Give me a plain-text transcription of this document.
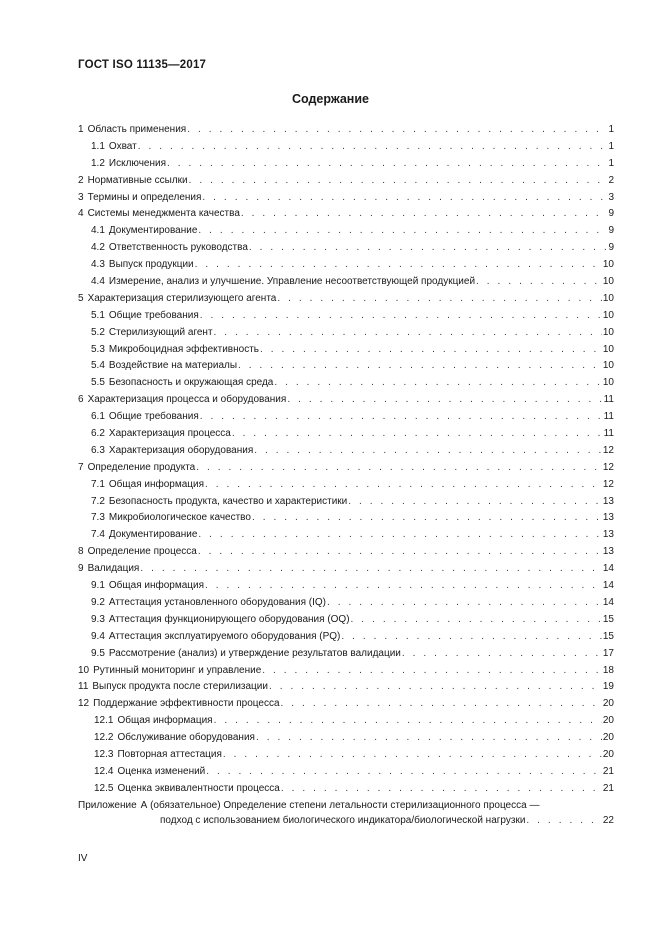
ГОСТ ISO 11135—2017
Содержание
1 Область применения . . .	1
1.1 Охват . . .	1
1.2 Исключения . . .	1
2 Нормативные ссылки . . .	2
3 Термины и определения . . .	3
4 Системы менеджмента качества . . .	9
4.1 Документирование . . .	9
4.2 Ответственность руководства . . .	9
4.3 Выпуск продукции . . .	10
4.4 Измерение, анализ и улучшение. Управление несоответствующей продукцией . . .	10
5 Характеризация стерилизующего агента . . .	10
5.1 Общие требования . . .	10
5.2 Стерилизующий агент . . .	10
5.3 Микробоцидная эффективность . . .	10
5.4 Воздействие на материалы . . .	10
5.5 Безопасность и окружающая среда . . .	10
6 Характеризация процесса и оборудования . . .	11
6.1 Общие требования . . .	11
6.2 Характеризация процесса . . .	11
6.3 Характеризация оборудования . . .	12
7 Определение продукта . . .	12
7.1 Общая информация . . .	12
7.2 Безопасность продукта, качество и характеристики . . .	13
7.3 Микробиологическое качество . . .	13
7.4 Документирование . . .	13
8 Определение процесса . . .	13
9 Валидация . . .	14
9.1 Общая информация . . .	14
9.2 Аттестация установленного оборудования (IQ) . . .	14
9.3 Аттестация функционирующего оборудования (OQ) . . .	15
9.4 Аттестация эксплуатируемого оборудования (PQ) . . .	15
9.5 Рассмотрение (анализ) и утверждение результатов валидации . . .	17
10 Рутинный мониторинг и управление . . .	18
11 Выпуск продукта после стерилизации . . .	19
12 Поддержание эффективности процесса . . .	20
12.1 Общая информация . . .	20
12.2 Обслуживание оборудования . . .	20
12.3 Повторная аттестация . . .	20
12.4 Оценка изменений . . .	21
12.5 Оценка эквивалентности процесса . . .	21
Приложение А (обязательное) Определение степени летальности стерилизационного процесса —
подход с использованием биологического индикатора/биологической нагрузки . . .	22
IV
